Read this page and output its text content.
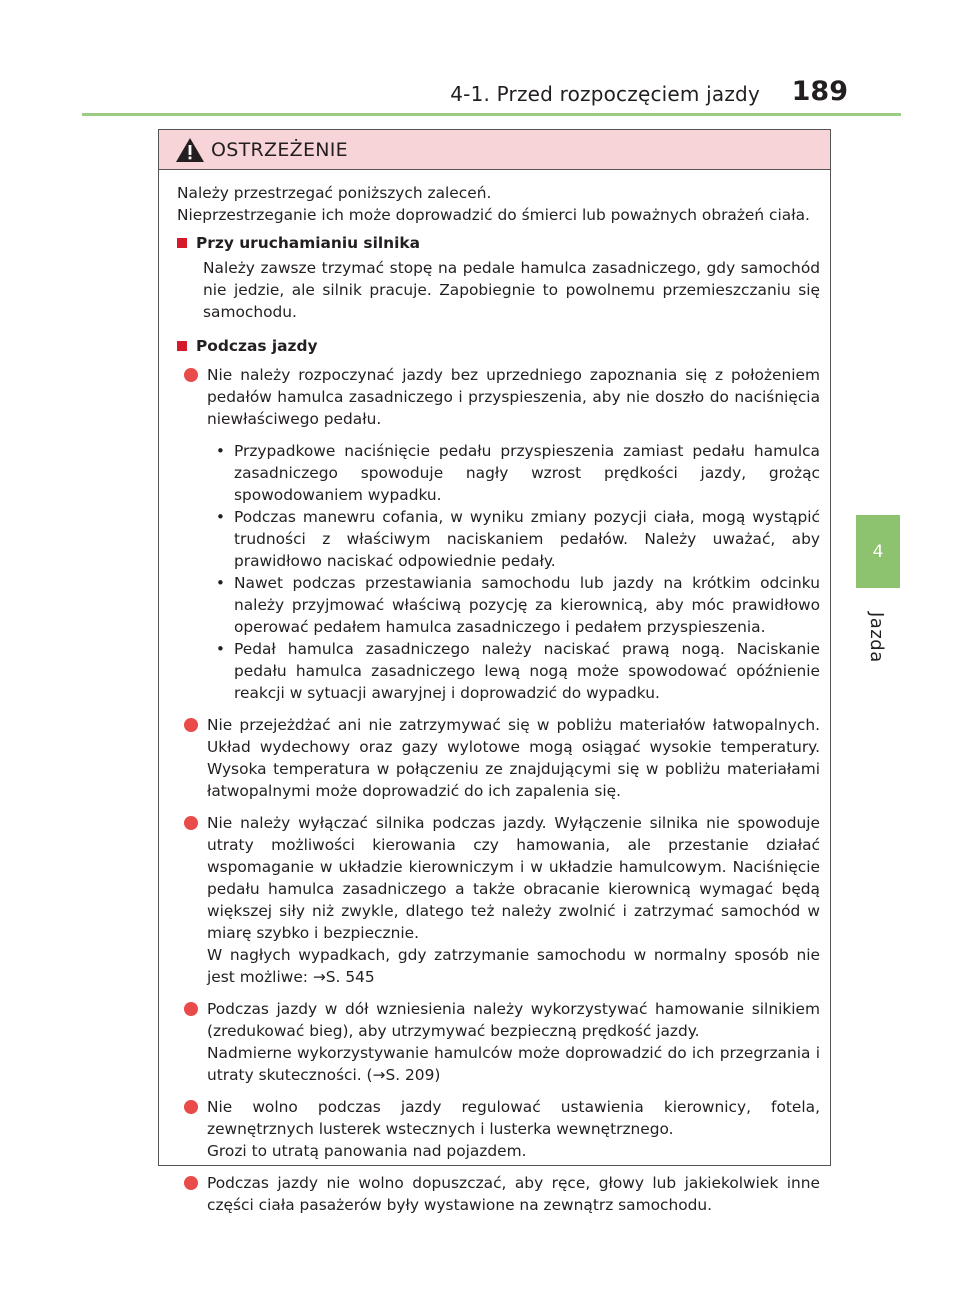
4-1. Przed rozpoczęciem jazdy 189
4
Jazda
OSTRZEŻENIE

Należy przestrzegać poniższych zaleceń.

Nieprzestrzeganie ich może doprowadzić do śmierci lub poważnych obrażeń ciała.

Przy uruchamianiu silnika

Należy zawsze trzymać stopę na pedale hamulca zasadniczego, gdy samochód nie jedzie, ale silnik pracuje. Zapobiegnie to powolnemu przemieszczaniu się samochodu.

Podczas jazdy

Nie należy rozpoczynać jazdy bez uprzedniego zapoznania się z położeniem pedałów hamulca zasadniczego i przyspieszenia, aby nie doszło do naciśnięcia niewłaściwego pedału.

• Przypadkowe naciśnięcie pedału przyspieszenia zamiast pedału hamulca zasadniczego spowoduje nagły wzrost prędkości jazdy, grożąc spowodowaniem wypadku.
• Podczas manewru cofania, w wyniku zmiany pozycji ciała, mogą wystąpić trudności z właściwym naciskaniem pedałów. Należy uważać, aby prawidłowo naciskać odpowiednie pedały.
• Nawet podczas przestawiania samochodu lub jazdy na krótkim odcinku należy przyjmować właściwą pozycję za kierownicą, aby móc prawidłowo operować pedałem hamulca zasadniczego i pedałem przyspieszenia.
• Pedał hamulca zasadniczego należy naciskać prawą nogą. Naciskanie pedału hamulca zasadniczego lewą nogą może spowodować opóźnienie reakcji w sytuacji awaryjnej i doprowadzić do wypadku.

Nie przejeżdżać ani nie zatrzymywać się w pobliżu materiałów łatwopalnych. Układ wydechowy oraz gazy wylotowe mogą osiągać wysokie temperatury. Wysoka temperatura w połączeniu ze znajdującymi się w pobliżu materiałami łatwopalnymi może doprowadzić do ich zapalenia się.

Nie należy wyłączać silnika podczas jazdy. Wyłączenie silnika nie spowoduje utraty możliwości kierowania czy hamowania, ale przestanie działać wspomaganie w układzie kierowniczym i w układzie hamulcowym. Naciśnięcie pedału hamulca zasadniczego a także obracanie kierownicą wymagać będą większej siły niż zwykle, dlatego też należy zwolnić i zatrzymać samochód w miarę szybko i bezpiecznie.

W nagłych wypadkach, gdy zatrzymanie samochodu w normalny sposób nie jest możliwe: →S. 545

Podczas jazdy w dół wzniesienia należy wykorzystywać hamowanie silnikiem (zredukować bieg), aby utrzymywać bezpieczną prędkość jazdy.

Nadmierne wykorzystywanie hamulców może doprowadzić do ich przegrzania i utraty skuteczności. (→S. 209)

Nie wolno podczas jazdy regulować ustawienia kierownicy, fotela, zewnętrznych lusterek wstecznych i lusterka wewnętrznego.

Grozi to utratą panowania nad pojazdem.

Podczas jazdy nie wolno dopuszczać, aby ręce, głowy lub jakiekolwiek inne części ciała pasażerów były wystawione na zewnątrz samochodu.
